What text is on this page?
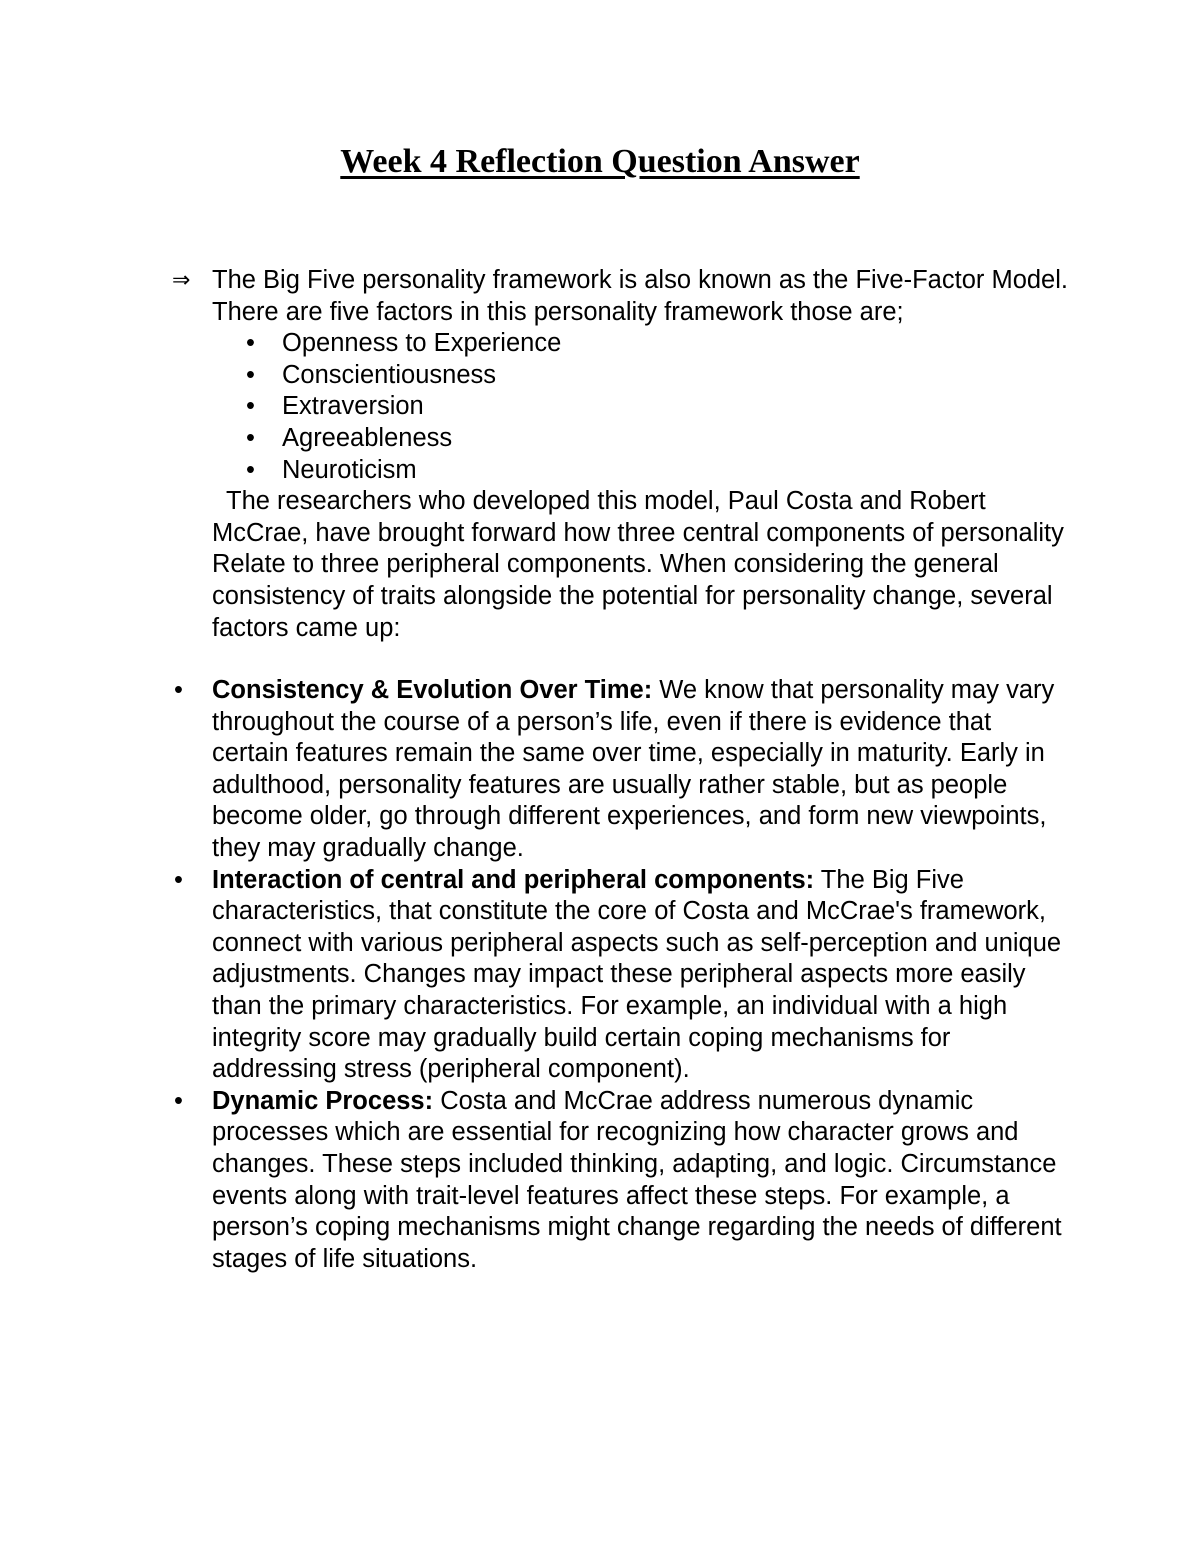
Week 4 Reflection Question Answer

⇒ The Big Five personality framework is also known as the Five-Factor Model. There are five factors in this personality framework those are;

• Openness to Experience
• Conscientiousness
• Extraversion
• Agreeableness
• Neuroticism

The researchers who developed this model, Paul Costa and Robert McCrae, have brought forward how three central components of personality Relate to three peripheral components. When considering the general consistency of traits alongside the potential for personality change, several factors came up:

• Consistency & Evolution Over Time: We know that personality may vary throughout the course of a person’s life, even if there is evidence that certain features remain the same over time, especially in maturity. Early in adulthood, personality features are usually rather stable, but as people become older, go through different experiences, and form new viewpoints, they may gradually change.
• Interaction of central and peripheral components: The Big Five characteristics, that constitute the core of Costa and McCrae's framework, connect with various peripheral aspects such as self-perception and unique adjustments. Changes may impact these peripheral aspects more easily than the primary characteristics. For example, an individual with a high integrity score may gradually build certain coping mechanisms for addressing stress (peripheral component).
• Dynamic Process: Costa and McCrae address numerous dynamic processes which are essential for recognizing how character grows and changes. These steps included thinking, adapting, and logic. Circumstance events along with trait-level features affect these steps. For example, a person’s coping mechanisms might change regarding the needs of different stages of life situations.
